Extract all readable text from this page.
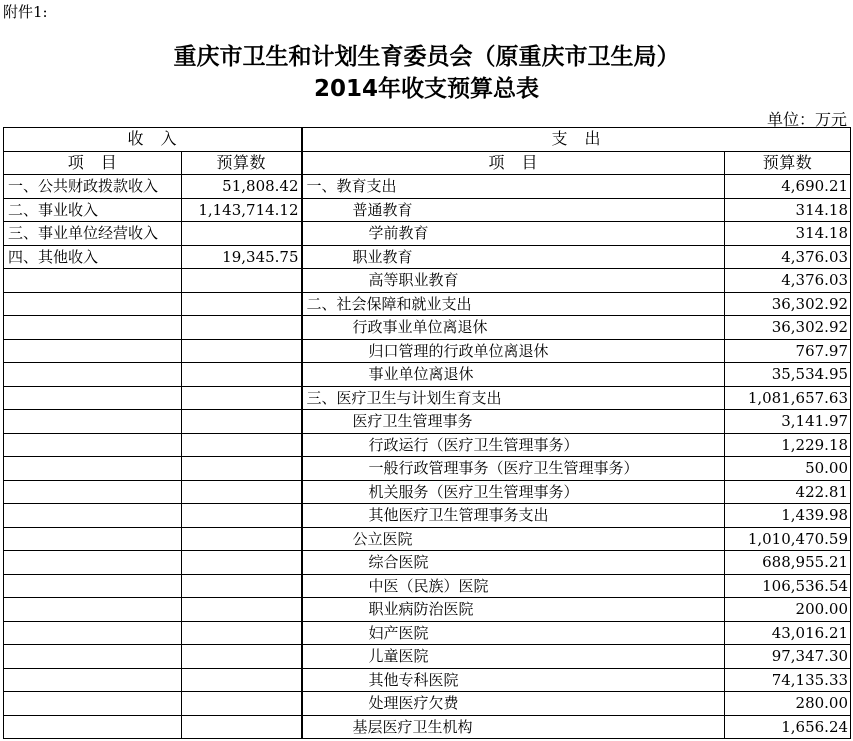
附件1:
重庆市卫生和计划生育委员会（原重庆市卫生局）
2014年收支预算总表
单位：万元
收　入		支　出	
项　目	预算数	项　目	预算数
一、公共财政拨款收入	51,808.42	一、教育支出	4,690.21
二、事业收入	1,143,714.12	普通教育	314.18
三、事业单位经营收入		学前教育	314.18
四、其他收入	19,345.75	职业教育	4,376.03
		高等职业教育	4,376.03
		二、社会保障和就业支出	36,302.92
		行政事业单位离退休	36,302.92
		归口管理的行政单位离退休	767.97
		事业单位离退休	35,534.95
		三、医疗卫生与计划生育支出	1,081,657.63
		医疗卫生管理事务	3,141.97
		行政运行（医疗卫生管理事务）	1,229.18
		一般行政管理事务（医疗卫生管理事务）	50.00
		机关服务（医疗卫生管理事务）	422.81
		其他医疗卫生管理事务支出	1,439.98
		公立医院	1,010,470.59
		综合医院	688,955.21
		中医（民族）医院	106,536.54
		职业病防治医院	200.00
		妇产医院	43,016.21
		儿童医院	97,347.30
		其他专科医院	74,135.33
		处理医疗欠费	280.00
		基层医疗卫生机构	1,656.24
